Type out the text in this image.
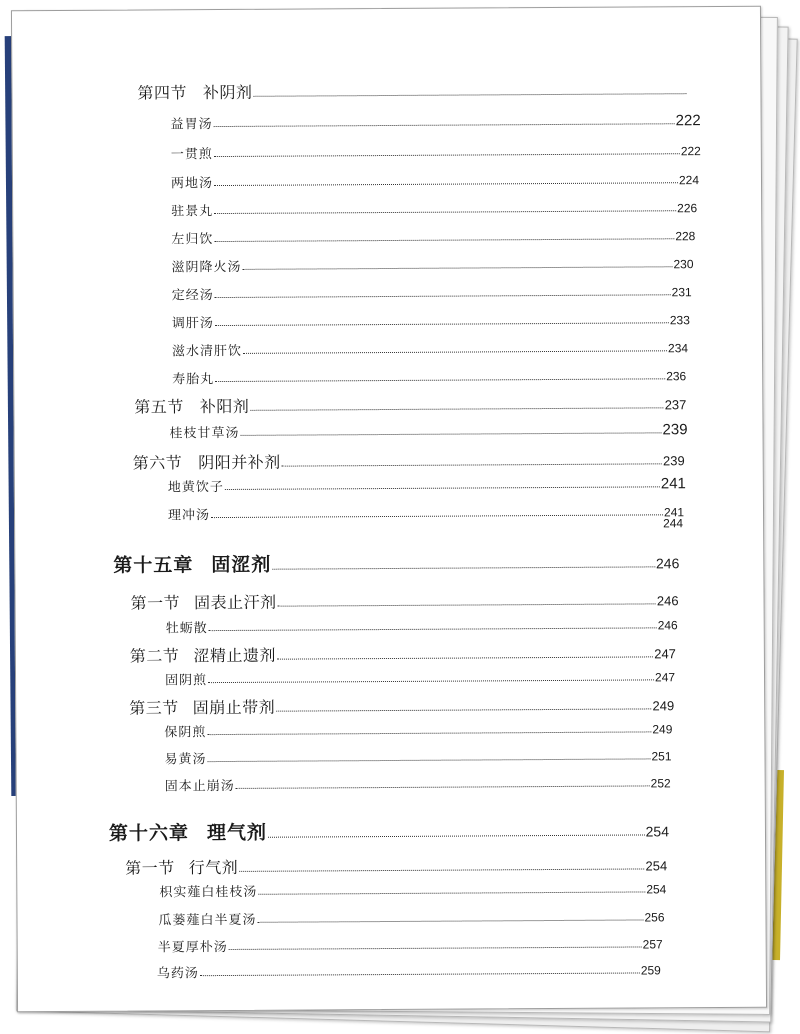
第四节 补阴剂
益胃汤	222
一贯煎	222
两地汤	224
驻景丸	226
左归饮	228
滋阴降火汤	230
定经汤	231
调肝汤	233
滋水清肝饮	234
寿胎丸	236
第五节 补阳剂	237
桂枝甘草汤	239
第六节 阴阳并补剂	239
地黄饮子	241
理冲汤	241
244
第十五章 固涩剂	246
第一节 固表止汗剂	246
牡蛎散	246
第二节 涩精止遗剂	247
固阴煎	247
第三节 固崩止带剂	249
保阴煎	249
易黄汤	251
固本止崩汤	252
第十六章 理气剂	254
第一节 行气剂	254
枳实薤白桂枝汤	254
瓜蒌薤白半夏汤	256
半夏厚朴汤	257
乌药汤	259
